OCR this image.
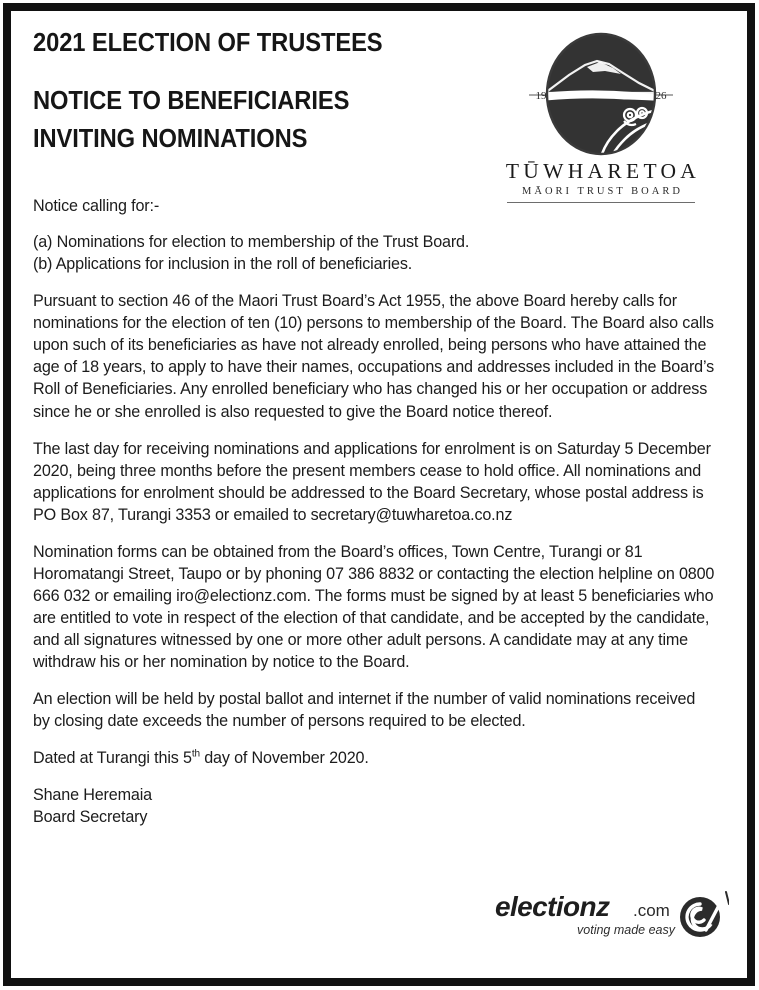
2021 ELECTION OF TRUSTEES
NOTICE TO BENEFICIARIES
INVITING NOMINATIONS
19	26
TŪWHARETOA
MĀORI TRUST BOARD

Notice calling for:-

(a) Nominations for election to membership of the Trust Board.
(b) Applications for inclusion in the roll of beneficiaries.

Pursuant to section 46 of the Maori Trust Board’s Act 1955, the above Board hereby calls for nominations for the election of ten (10) persons to membership of the Board. The Board also calls upon such of its beneficiaries as have not already enrolled, being persons who have attained the age of 18 years, to apply to have their names, occupations and addresses included in the Board’s Roll of Beneficiaries. Any enrolled beneficiary who has changed his or her occupation or address since he or she enrolled is also requested to give the Board notice thereof.

The last day for receiving nominations and applications for enrolment is on Saturday 5 December 2020, being three months before the present members cease to hold office. All nominations and applications for enrolment should be addressed to the Board Secretary, whose postal address is PO Box 87, Turangi 3353 or emailed to secretary@tuwharetoa.co.nz

Nomination forms can be obtained from the Board’s offices, Town Centre, Turangi or 81 Horomatangi Street, Taupo or by phoning 07 386 8832 or contacting the election helpline on 0800 666 032 or emailing iro@electionz.com. The forms must be signed by at least 5 beneficiaries who are entitled to vote in respect of the election of that candidate, and be accepted by the candidate, and all signatures witnessed by one or more other adult persons. A candidate may at any time withdraw his or her nomination by notice to the Board.

An election will be held by postal ballot and internet if the number of valid nominations received by closing date exceeds the number of persons required to be elected.

Dated at Turangi this 5th day of November 2020.

Shane Heremaia
Board Secretary

electionz .com
voting made easy
